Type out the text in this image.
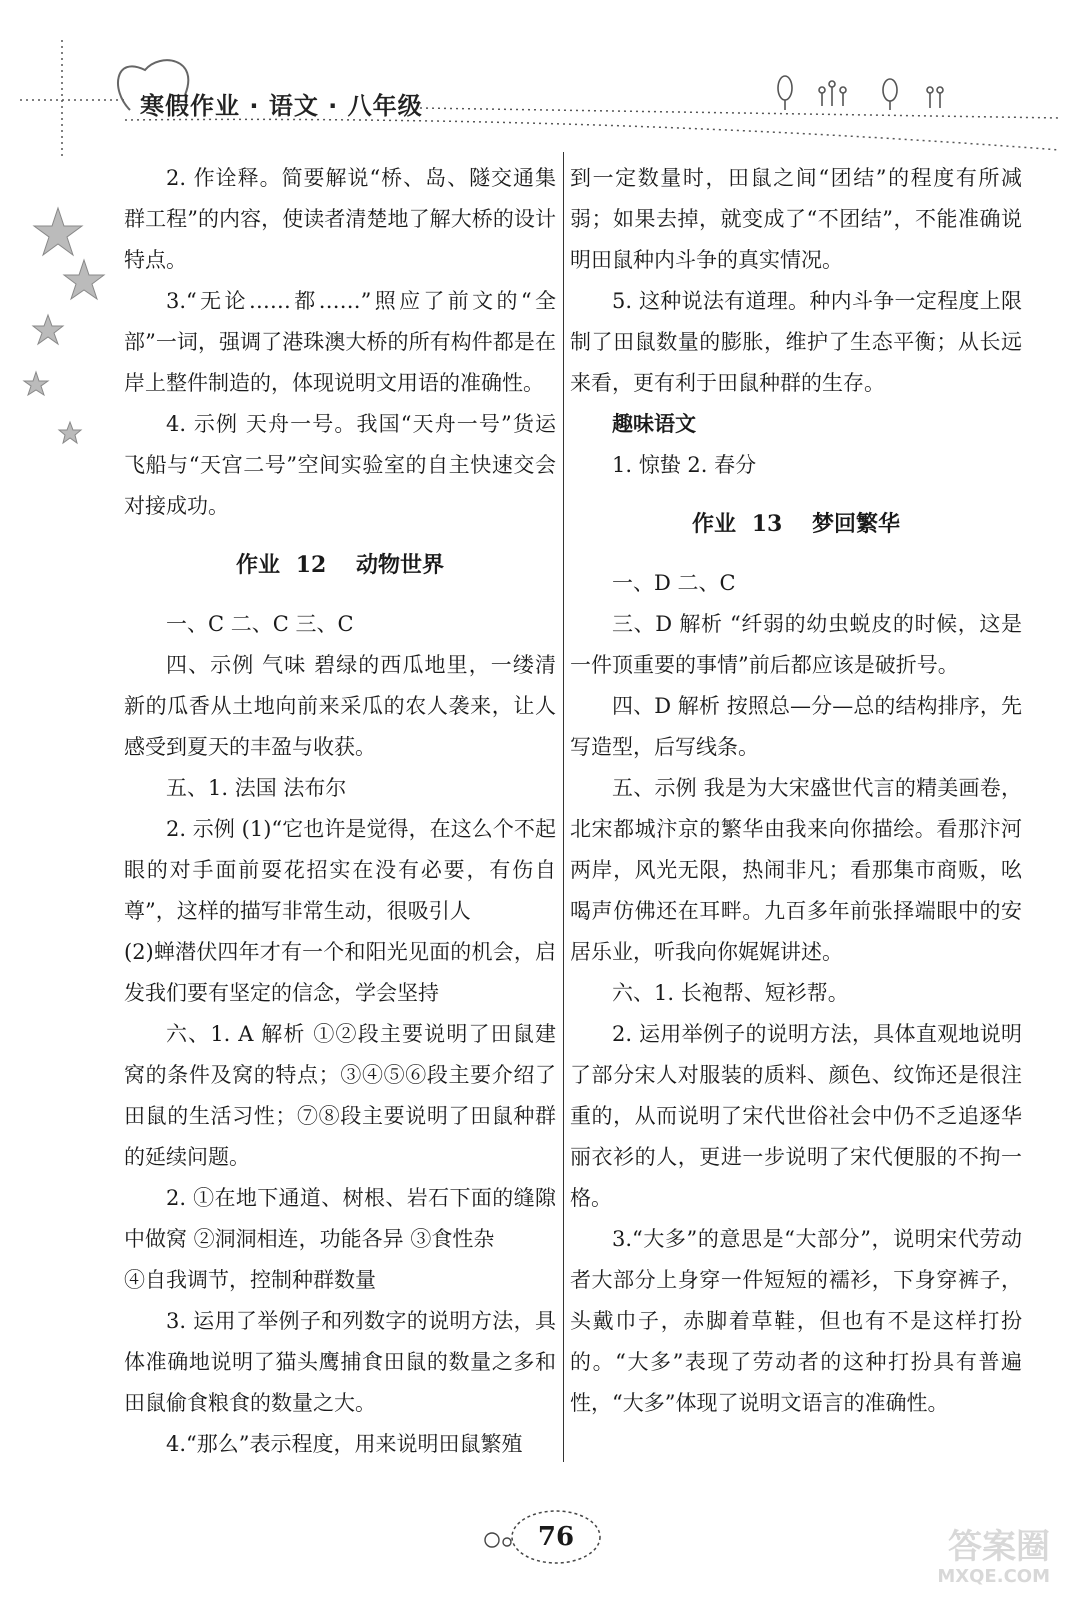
寒假作业 · 语文 · 八年级

2. 作诠释。简要解说“桥、岛、隧交通集群工程”的内容，使读者清楚地了解大桥的设计特点。

3.“无论……都……”照应了前文的“全部”一词，强调了港珠澳大桥的所有构件都是在岸上整件制造的，体现说明文用语的准确性。

4. 示例 天舟一号。我国“天舟一号”货运飞船与“天宫二号”空间实验室的自主快速交会对接成功。

作业 12 动物世界

一、C 二、C 三、C

四、示例 气味 碧绿的西瓜地里，一缕清新的瓜香从土地向前来采瓜的农人袭来，让人感受到夏天的丰盈与收获。

五、1. 法国 法布尔

2. 示例 (1)“它也许是觉得，在这么个不起眼的对手面前耍花招实在没有必要，有伤自尊”，这样的描写非常生动，很吸引人

(2)蝉潜伏四年才有一个和阳光见面的机会，启发我们要有坚定的信念，学会坚持

六、1. A 解析 ①②段主要说明了田鼠建窝的条件及窝的特点；③④⑤⑥段主要介绍了田鼠的生活习性；⑦⑧段主要说明了田鼠种群的延续问题。

2. ①在地下通道、树根、岩石下面的缝隙中做窝 ②洞洞相连，功能各异 ③食性杂

④自我调节，控制种群数量

3. 运用了举例子和列数字的说明方法，具体准确地说明了猫头鹰捕食田鼠的数量之多和田鼠偷食粮食的数量之大。

4.“那么”表示程度，用来说明田鼠繁殖

到一定数量时，田鼠之间“团结”的程度有所减弱；如果去掉，就变成了“不团结”，不能准确说明田鼠种内斗争的真实情况。

5. 这种说法有道理。种内斗争一定程度上限制了田鼠数量的膨胀，维护了生态平衡；从长远来看，更有利于田鼠种群的生存。

趣味语文

1. 惊蛰 2. 春分

作业 13 梦回繁华

一、D 二、C

三、D 解析 “纤弱的幼虫蜕皮的时候，这是一件顶重要的事情”前后都应该是破折号。

四、D 解析 按照总—分—总的结构排序，先写造型，后写线条。

五、示例 我是为大宋盛世代言的精美画卷，北宋都城汴京的繁华由我来向你描绘。看那汴河两岸，风光无限，热闹非凡；看那集市商贩，吆喝声仿佛还在耳畔。九百多年前张择端眼中的安居乐业，听我向你娓娓讲述。

六、1. 长袍帮、短衫帮。

2. 运用举例子的说明方法，具体直观地说明了部分宋人对服装的质料、颜色、纹饰还是很注重的，从而说明了宋代世俗社会中仍不乏追逐华丽衣衫的人，更进一步说明了宋代便服的不拘一格。

3.“大多”的意思是“大部分”，说明宋代劳动者大部分上身穿一件短短的襦衫，下身穿裤子，头戴巾子，赤脚着草鞋，但也有不是这样打扮的。“大多”表现了劳动者的这种打扮具有普遍性，“大多”体现了说明文语言的准确性。

76	答案圈
MXQE.COM
